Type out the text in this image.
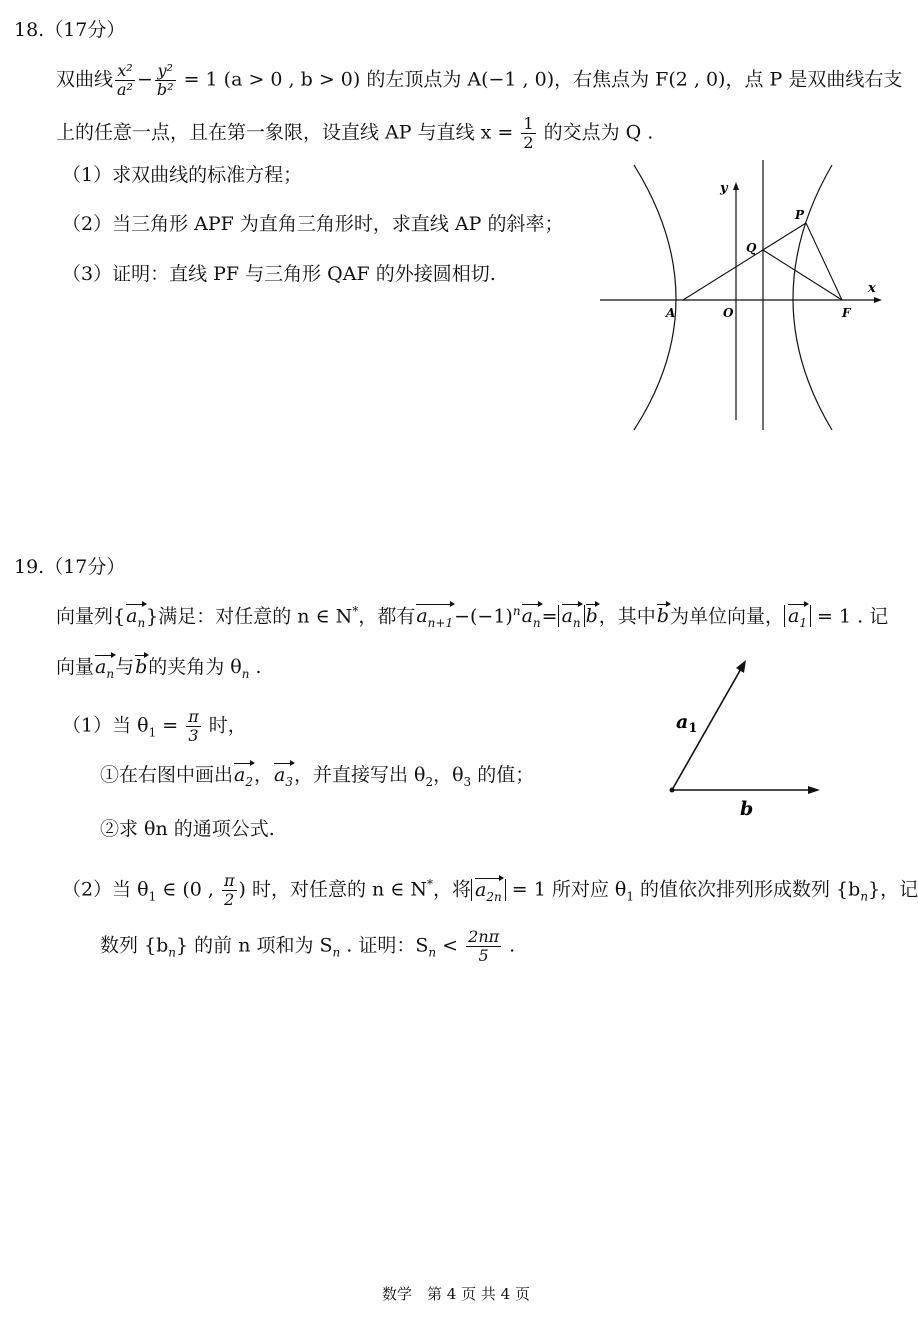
18.（17分）
双曲线 $\frac{\text{x²}}{\text{a²}} - \frac{\text{y²}}{\text{b²}} = 1$ (a > 0 , b > 0) 的左顶点为 A(−1 , 0)，右焦点为 F(2 , 0)，点 P 是双曲线右支
上的任意一点，且在第一象限，设直线 AP 与直线 $x = \frac{1}{2}$ 的交点为 Q .
（1）求双曲线的标准方程；
（2）当三角形 APF 为直角三角形时，求直线 AP 的斜率；
（3）证明：直线 PF 与三角形 QAF 的外接圆相切.
x
y
A	O	F
P
Q
19.（17分）
向量列$\{a_n\}$满足：对任意的 n ∈ N*，都有$a_{n+1}-(-1)^na_n= a_n$ b，其中b为单位向量， $a_1 = 1$ . 记
向量$a_n$与b的夹角为 $\theta_n$ .
（1）当 $\theta_1 = \frac{\pi}{3}$ 时，
①在右图中画出$a_2$，$a_3$，并直接写出 $\theta_2$，$\theta_3$ 的值；
②求 θn 的通项公式.
（2）当 $\theta_1$ ∈ (0 , $\frac{\pi}{2}$ ) 时，对任意的 n ∈ N*，将 $a_{2n} = 1$ 所对应 $\theta_1$ 的值依次排列形成数列 $\{b_n\}$，记
数列 $\{b_n\}$ 的前 n 项和为 $S_n$ . 证明：$S_n < \frac{2n\pi}{5}$ .
$a_1$
b
数学　第 4 页 共 4 页
